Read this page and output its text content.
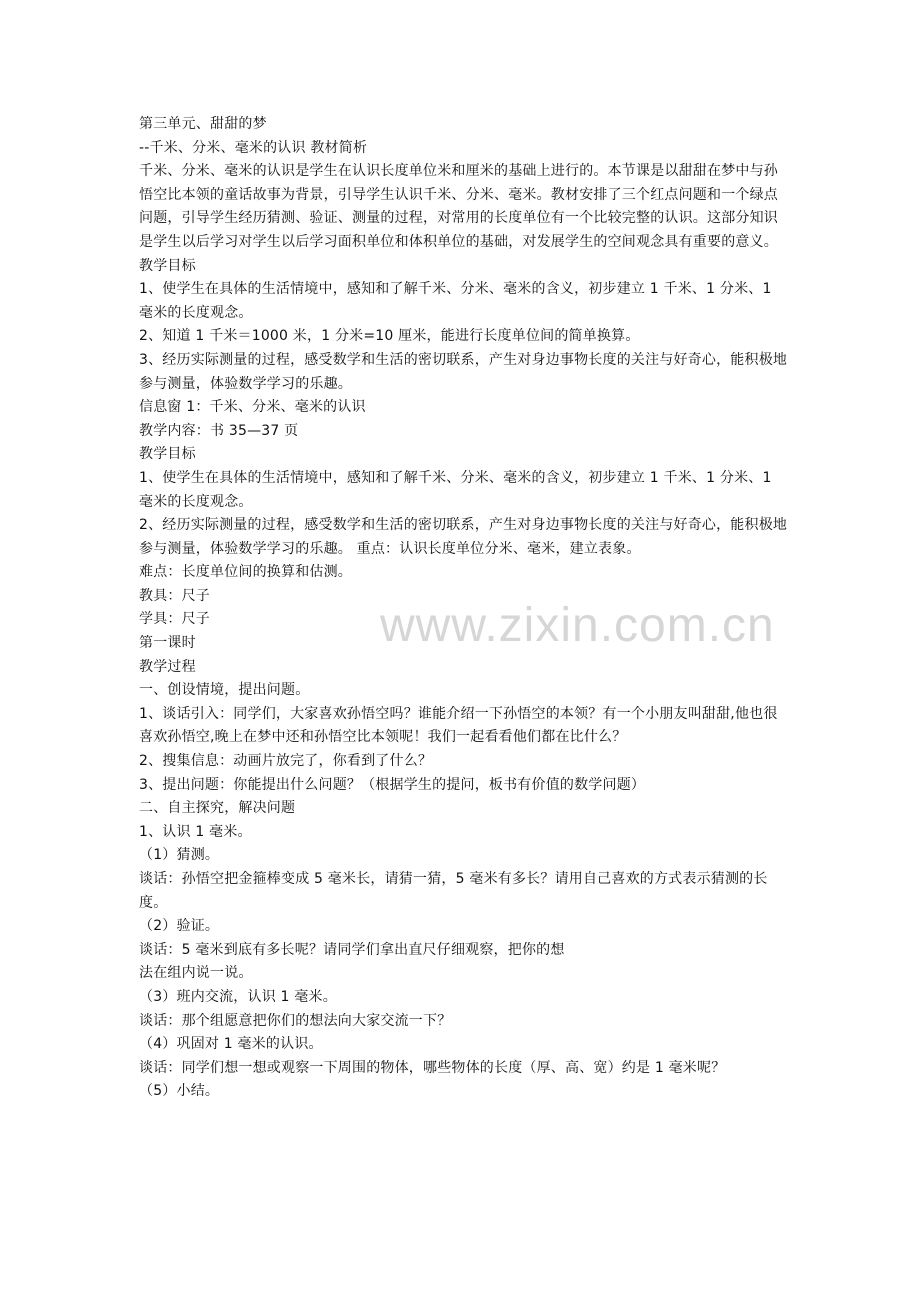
第三单元、甜甜的梦

--千米、分米、毫米的认识 教材简析

千米、分米、毫米的认识是学生在认识长度单位米和厘米的基础上进行的。本节课是以甜甜在梦中与孙悟空比本领的童话故事为背景，引导学生认识千米、分米、毫米。教材安排了三个红点问题和一个绿点问题，引导学生经历猜测、验证、测量的过程，对常用的长度单位有一个比较完整的认识。这部分知识是学生以后学习对学生以后学习面积单位和体积单位的基础，对发展学生的空间观念具有重要的意义。

教学目标

1、使学生在具体的生活情境中，感知和了解千米、分米、毫米的含义，初步建立 1 千米、1 分米、1 毫米的长度观念。

2、知道 1 千米＝1000 米，1 分米=10 厘米，能进行长度单位间的简单换算。

3、经历实际测量的过程，感受数学和生活的密切联系，产生对身边事物长度的关注与好奇心，能积极地参与测量，体验数学学习的乐趣。

信息窗 1：千米、分米、毫米的认识

教学内容：书 35—37 页

教学目标

1、使学生在具体的生活情境中，感知和了解千米、分米、毫米的含义，初步建立 1 千米、1 分米、1 毫米的长度观念。

2、经历实际测量的过程，感受数学和生活的密切联系，产生对身边事物长度的关注与好奇心，能积极地参与测量，体验数学学习的乐趣。 重点：认识长度单位分米、毫米，建立表象。

难点：长度单位间的换算和估测。

教具：尺子

学具：尺子

第一课时

教学过程

一、创设情境，提出问题。

1、谈话引入：同学们，大家喜欢孙悟空吗？谁能介绍一下孙悟空的本领？有一个小朋友叫甜甜,他也很喜欢孙悟空,晚上在梦中还和孙悟空比本领呢！我们一起看看他们都在比什么？

2、搜集信息：动画片放完了，你看到了什么？

3、提出问题：你能提出什么问题？（根据学生的提问，板书有价值的数学问题）

二、自主探究，解决问题

1、认识 1 毫米。

（1）猜测。

谈话：孙悟空把金箍棒变成 5 毫米长，请猜一猜，5 毫米有多长？请用自己喜欢的方式表示猜测的长度。

（2）验证。

谈话：5 毫米到底有多长呢？请同学们拿出直尺仔细观察，把你的想

法在组内说一说。

（3）班内交流，认识 1 毫米。

谈话：那个组愿意把你们的想法向大家交流一下？

（4）巩固对 1 毫米的认识。

谈话：同学们想一想或观察一下周围的物体，哪些物体的长度（厚、高、宽）约是 1 毫米呢？

（5）小结。

www.zixin.com.cn
